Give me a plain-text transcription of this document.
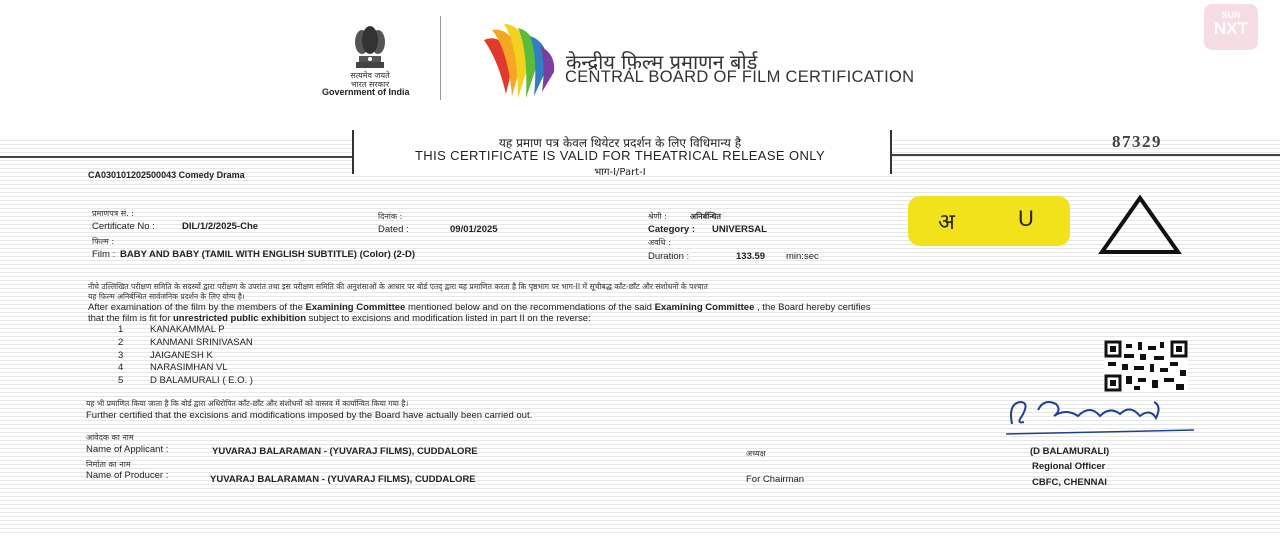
सत्यमेव जयते
भारत सरकार
Government of India
केन्द्रीय फ़िल्म प्रमाणन बोर्ड
CENTRAL BOARD OF FILM CERTIFICATION
SUN
NXT
यह प्रमाण पत्र केवल थियेटर प्रदर्शन के लिए विधिमान्य है
THIS CERTIFICATE IS VALID FOR THEATRICAL RELEASE ONLY
भाग-I/Part-I
87329
CA030101202500043 Comedy Drama
प्रमाणपत्र सं. :
Certificate No :	DIL/1/2/2025-Che
दिनांक :
Dated :	09/01/2025
श्रेणी :	अनिर्बन्धित
Category : UNIVERSAL
फिल्म :
Film : BABY AND BABY (TAMIL WITH ENGLISH SUBTITLE) (Color) (2-D)
अवधि :
Duration :	133.59 min:sec
अ	U
नीचे उल्लिखित परीक्षण समिति के सदस्यों द्वारा परीक्षण के उपरांत तथा इस परीक्षण समिति की अनुशंसाओं के आधार पर बोर्ड एतद् द्वारा यह प्रमाणित करता है कि पृष्ठभाग पर भाग-II में सूचीबद्ध काँट-छाँट और संशोधनों के पश्चात
यह फ़िल्म अनिर्बन्धित सार्वजनिक प्रदर्शन के लिए योग्य है।
After examination of the film by the members of the Examining Committee mentioned below and on the recommendations of the said Examining Committee , the Board hereby certifies
that the film is fit for unrestricted public exhibition subject to excisions and modification listed in part II on the reverse:
1	KANAKAMMAL P
2	KANMANI SRINIVASAN
3	JAIGANESH K
4	NARASIMHAN VL
5	D BALAMURALI ( E.O. )
यह भी प्रमाणित किया जाता है कि बोर्ड द्वारा अधिरोपित काँट-छाँट और संशोधनों को वास्तव में कार्यान्वित किया गया है।
Further certified that the excisions and modifications imposed by the Board have actually been carried out.
आवेदक का नाम
Name of Applicant :	YUVARAJ BALARAMAN - (YUVARAJ FILMS), CUDDALORE
निर्माता का नाम
Name of Producer :	YUVARAJ BALARAMAN - (YUVARAJ FILMS), CUDDALORE
अध्यक्ष
For Chairman
(D BALAMURALI)
Regional Officer
CBFC, CHENNAI
